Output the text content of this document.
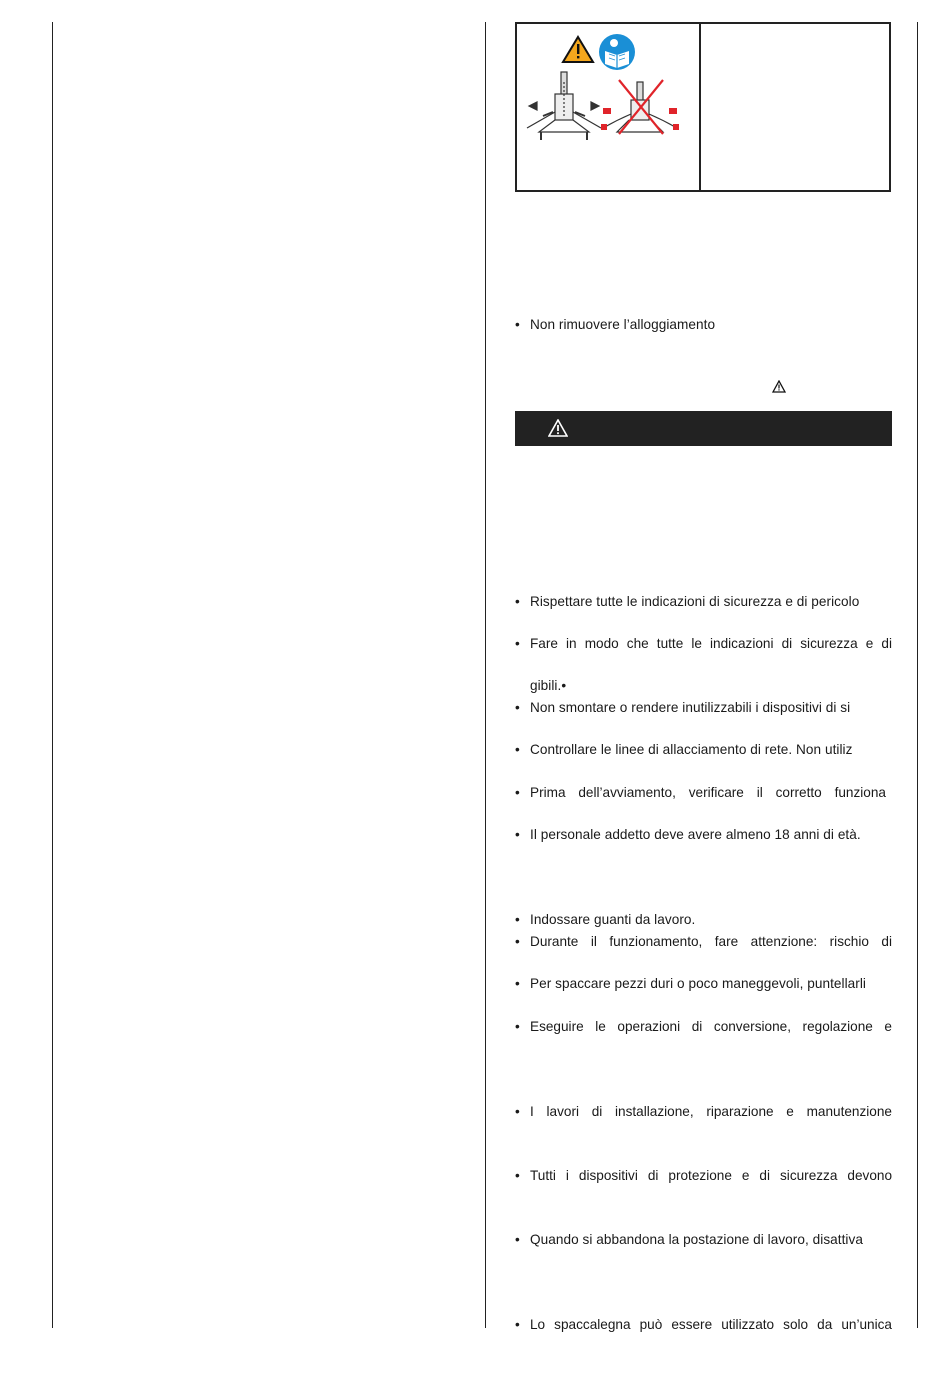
• Non rimuovere l’alloggiamento
• Rispettare tutte le indicazioni di sicurezza e di pericolo
• Fare in modo che tutte le indicazioni di sicurezza e di
gibili.•
• Non smontare o rendere inutilizzabili i dispositivi di si
• Controllare le linee di allacciamento di rete. Non utiliz
• Prima dell’avviamento, verificare il corretto funziona
• Il personale addetto deve avere almeno 18 anni di età.
• Indossare guanti da lavoro.
• Durante il funzionamento, fare attenzione: rischio di
• Per spaccare pezzi duri o poco maneggevoli, puntellarli
• Eseguire le operazioni di conversione, regolazione e
• I lavori di installazione, riparazione e manutenzione
• Tutti i dispositivi di protezione e di sicurezza devono
• Quando si abbandona la postazione di lavoro, disattiva
• Lo spaccalegna può essere utilizzato solo da un’unica
